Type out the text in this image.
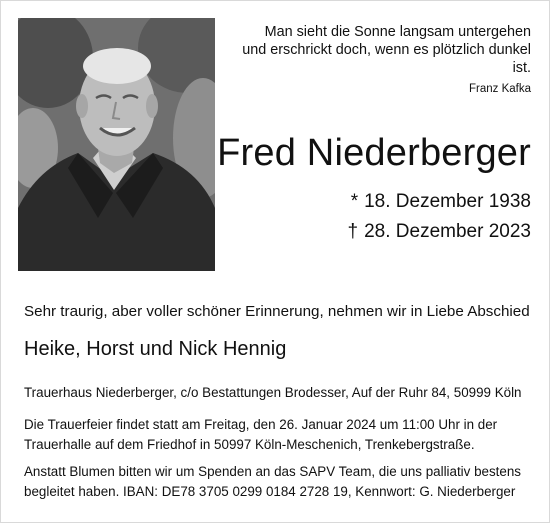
Man sieht die Sonne langsam untergehen
und erschrickt doch, wenn es plötzlich dunkel ist.
Franz Kafka
Fred Niederberger
* 18. Dezember 1938
† 28. Dezember 2023
Sehr traurig, aber voller schöner Erinnerung, nehmen wir in Liebe Abschied
Heike, Horst und Nick Hennig
Trauerhaus Niederberger, c/o Bestattungen Brodesser, Auf der Ruhr 84, 50999 Köln
Die Trauerfeier findet statt am Freitag, den 26. Januar 2024 um 11:00 Uhr in der
Trauerhalle auf dem Friedhof in 50997 Köln-Meschenich, Trenkebergstraße.
Anstatt Blumen bitten wir um Spenden an das SAPV Team, die uns palliativ bestens
begleitet haben. IBAN: DE78 3705 0299 0184 2728 19, Kennwort: G. Niederberger
